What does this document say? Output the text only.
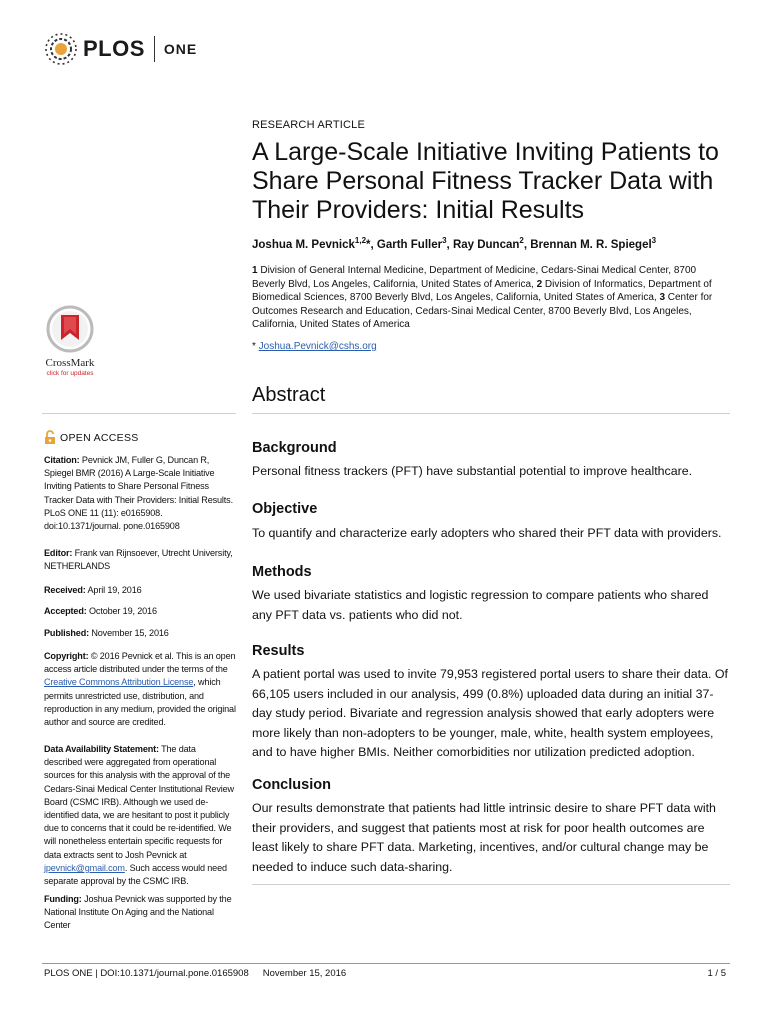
PLOS ONE
RESEARCH ARTICLE
A Large-Scale Initiative Inviting Patients to Share Personal Fitness Tracker Data with Their Providers: Initial Results
Joshua M. Pevnick$^{1,2}$*, Garth Fuller$^3$, Ray Duncan$^2$, Brennan M. R. Spiegel$^3$
1 Division of General Internal Medicine, Department of Medicine, Cedars-Sinai Medical Center, 8700 Beverly Blvd, Los Angeles, California, United States of America, 2 Division of Informatics, Department of Biomedical Sciences, 8700 Beverly Blvd, Los Angeles, California, United States of America, 3 Center for Outcomes Research and Education, Cedars-Sinai Medical Center, 8700 Beverly Blvd, Los Angeles, California, United States of America
* Joshua.Pevnick@cshs.org
CrossMark
click for updates
Abstract
OPEN ACCESS
Background

Personal fitness trackers (PFT) have substantial potential to improve healthcare.

Objective

To quantify and characterize early adopters who shared their PFT data with providers.

Methods

We used bivariate statistics and logistic regression to compare patients who shared any PFT data vs. patients who did not.

Results

A patient portal was used to invite 79,953 registered portal users to share their data. Of 66,105 users included in our analysis, 499 (0.8%) uploaded data during an initial 37-day study period. Bivariate and regression analysis showed that early adopters were more likely than non-adopters to be younger, male, white, health system employees, and to have higher BMIs. Neither comorbidities nor utilization predicted adoption.

Conclusion

Our results demonstrate that patients had little intrinsic desire to share PFT data with their providers, and suggest that patients most at risk for poor health outcomes are least likely to share PFT data. Marketing, incentives, and/or cultural change may be needed to induce such data-sharing.

Citation: Pevnick JM, Fuller G, Duncan R, Spiegel BMR (2016) A Large-Scale Initiative Inviting Patients to Share Personal Fitness Tracker Data with Their Providers: Initial Results. PLoS ONE 11 (11): e0165908. doi:10.1371/journal. pone.0165908

Editor: Frank van Rijnsoever, Utrecht University, NETHERLANDS

Received: April 19, 2016

Accepted: October 19, 2016

Published: November 15, 2016

Copyright: © 2016 Pevnick et al. This is an open access article distributed under the terms of the Creative Commons Attribution License, which permits unrestricted use, distribution, and reproduction in any medium, provided the original author and source are credited.

Data Availability Statement: The data described were aggregated from operational sources for this analysis with the approval of the Cedars-Sinai Medical Center Institutional Review Board (CSMC IRB). Although we used de-identified data, we are hesitant to post it publicly due to concerns that it could be re-identified. We will nonetheless entertain specific requests for data extracts sent to Josh Pevnick at jpevnick@gmail.com. Such access would need separate approval by the CSMC IRB.

Funding: Joshua Pevnick was supported by the National Institute On Aging and the National Center

PLOS ONE | DOI:10.1371/journal.pone.0165908 November 15, 2016	1 / 5
